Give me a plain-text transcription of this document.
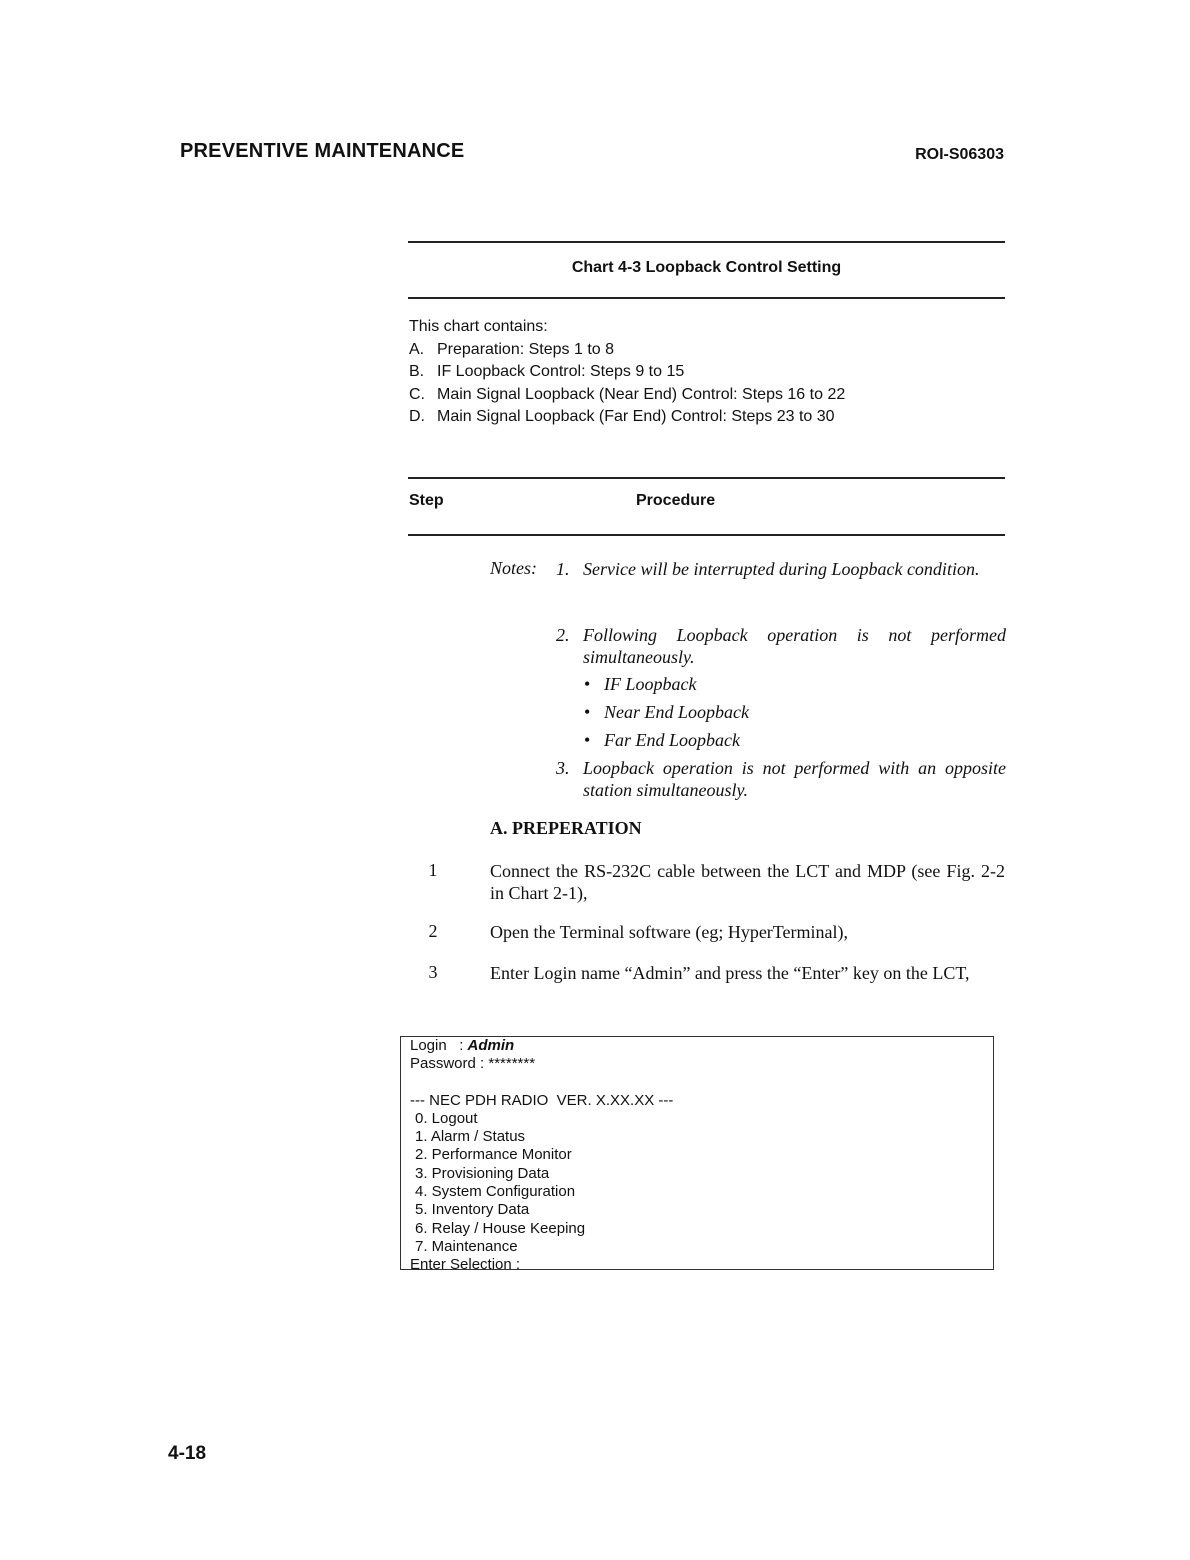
PREVENTIVE MAINTENANCE	ROI-S06303
Chart 4-3 Loopback Control Setting
This chart contains:
A. Preparation: Steps 1 to 8
B. IF Loopback Control: Steps 9 to 15
C. Main Signal Loopback (Near End) Control: Steps 16 to 22
D. Main Signal Loopback (Far End) Control: Steps 23 to 30
Step	Procedure
Notes: 1. Service will be interrupted during Loopback condition.
2. Following Loopback operation is not performed simultaneously.
• IF Loopback
• Near End Loopback
• Far End Loopback
3. Loopback operation is not performed with an opposite station simultaneously.
A. PREPERATION
1	Connect the RS-232C cable between the LCT and MDP (see Fig. 2-2 in Chart 2-1),
2	Open the Terminal software (eg; HyperTerminal),
3	Enter Login name “Admin” and press the “Enter” key on the LCT,
Login   : Admin
Password : ********
--- NEC PDH RADIO  VER. X.XX.XX ---
0. Logout
1. Alarm / Status
2. Performance Monitor
3. Provisioning Data
4. System Configuration
5. Inventory Data
6. Relay / House Keeping
7. Maintenance
Enter Selection :
4-18
